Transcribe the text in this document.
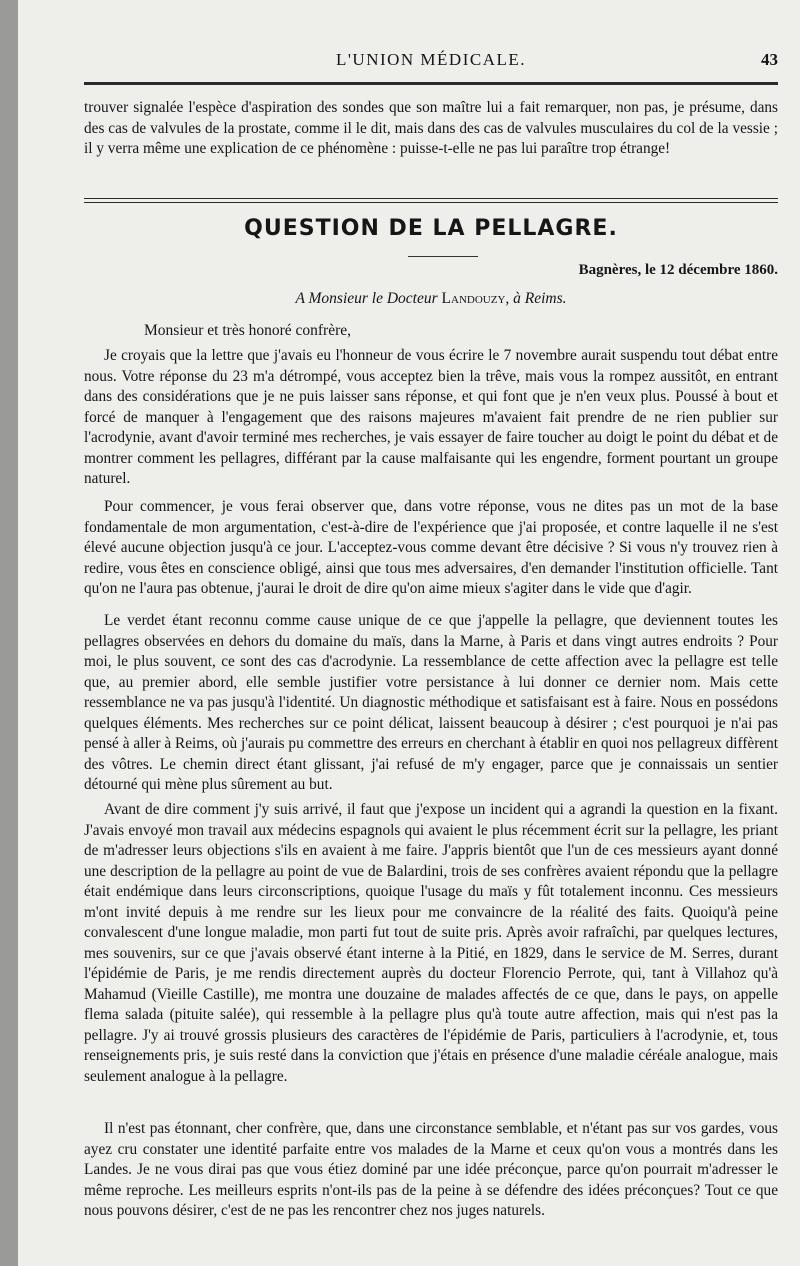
L'UNION MÉDICALE.	43

trouver signalée l'espèce d'aspiration des sondes que son maître lui a fait remarquer, non pas, je présume, dans des cas de valvules de la prostate, comme il le dit, mais dans des cas de valvules musculaires du col de la vessie ; il y verra même une explication de ce phénomène : puisse-t-elle ne pas lui paraître trop étrange!

QUESTION DE LA PELLAGRE.
Bagnères, le 12 décembre 1860.
A Monsieur le Docteur Landouzy, à Reims.
Monsieur et très honoré confrère,

Je croyais que la lettre que j'avais eu l'honneur de vous écrire le 7 novembre aurait suspendu tout débat entre nous. Votre réponse du 23 m'a détrompé, vous acceptez bien la trêve, mais vous la rompez aussitôt, en entrant dans des considérations que je ne puis laisser sans réponse, et qui font que je n'en veux plus. Poussé à bout et forcé de manquer à l'engagement que des raisons majeures m'avaient fait prendre de ne rien publier sur l'acrodynie, avant d'avoir terminé mes recherches, je vais essayer de faire toucher au doigt le point du débat et de montrer comment les pellagres, différant par la cause malfaisante qui les engendre, forment pourtant un groupe naturel.

Pour commencer, je vous ferai observer que, dans votre réponse, vous ne dites pas un mot de la base fondamentale de mon argumentation, c'est-à-dire de l'expérience que j'ai proposée, et contre laquelle il ne s'est élevé aucune objection jusqu'à ce jour. L'acceptez-vous comme devant être décisive ? Si vous n'y trouvez rien à redire, vous êtes en conscience obligé, ainsi que tous mes adversaires, d'en demander l'institution officielle. Tant qu'on ne l'aura pas obtenue, j'aurai le droit de dire qu'on aime mieux s'agiter dans le vide que d'agir.

Le verdet étant reconnu comme cause unique de ce que j'appelle la pellagre, que deviennent toutes les pellagres observées en dehors du domaine du maïs, dans la Marne, à Paris et dans vingt autres endroits ? Pour moi, le plus souvent, ce sont des cas d'acrodynie. La ressemblance de cette affection avec la pellagre est telle que, au premier abord, elle semble justifier votre persistance à lui donner ce dernier nom. Mais cette ressemblance ne va pas jusqu'à l'identité. Un diagnostic méthodique et satisfaisant est à faire. Nous en possédons quelques éléments. Mes recherches sur ce point délicat, laissent beaucoup à désirer ; c'est pourquoi je n'ai pas pensé à aller à Reims, où j'aurais pu commettre des erreurs en cherchant à établir en quoi nos pellagreux diffèrent des vôtres. Le chemin direct étant glissant, j'ai refusé de m'y engager, parce que je connaissais un sentier détourné qui mène plus sûrement au but.

Avant de dire comment j'y suis arrivé, il faut que j'expose un incident qui a agrandi la question en la fixant. J'avais envoyé mon travail aux médecins espagnols qui avaient le plus récemment écrit sur la pellagre, les priant de m'adresser leurs objections s'ils en avaient à me faire. J'appris bientôt que l'un de ces messieurs ayant donné une description de la pellagre au point de vue de Balardini, trois de ses confrères avaient répondu que la pellagre était endémique dans leurs circonscriptions, quoique l'usage du maïs y fût totalement inconnu. Ces messieurs m'ont invité depuis à me rendre sur les lieux pour me convaincre de la réalité des faits. Quoiqu'à peine convalescent d'une longue maladie, mon parti fut tout de suite pris. Après avoir rafraîchi, par quelques lectures, mes souvenirs, sur ce que j'avais observé étant interne à la Pitié, en 1829, dans le service de M. Serres, durant l'épidémie de Paris, je me rendis directement auprès du docteur Florencio Perrote, qui, tant à Villahoz qu'à Mahamud (Vieille Castille), me montra une douzaine de malades affectés de ce que, dans le pays, on appelle flema salada (pituite salée), qui ressemble à la pellagre plus qu'à toute autre affection, mais qui n'est pas la pellagre. J'y ai trouvé grossis plusieurs des caractères de l'épidémie de Paris, particuliers à l'acrodynie, et, tous renseignements pris, je suis resté dans la conviction que j'étais en présence d'une maladie céréale analogue, mais seulement analogue à la pellagre.

Il n'est pas étonnant, cher confrère, que, dans une circonstance semblable, et n'étant pas sur vos gardes, vous ayez cru constater une identité parfaite entre vos malades de la Marne et ceux qu'on vous a montrés dans les Landes. Je ne vous dirai pas que vous étiez dominé par une idée préconçue, parce qu'on pourrait m'adresser le même reproche. Les meilleurs esprits n'ont-ils pas de la peine à se défendre des idées préconçues? Tout ce que nous pouvons désirer, c'est de ne pas les rencontrer chez nos juges naturels.
